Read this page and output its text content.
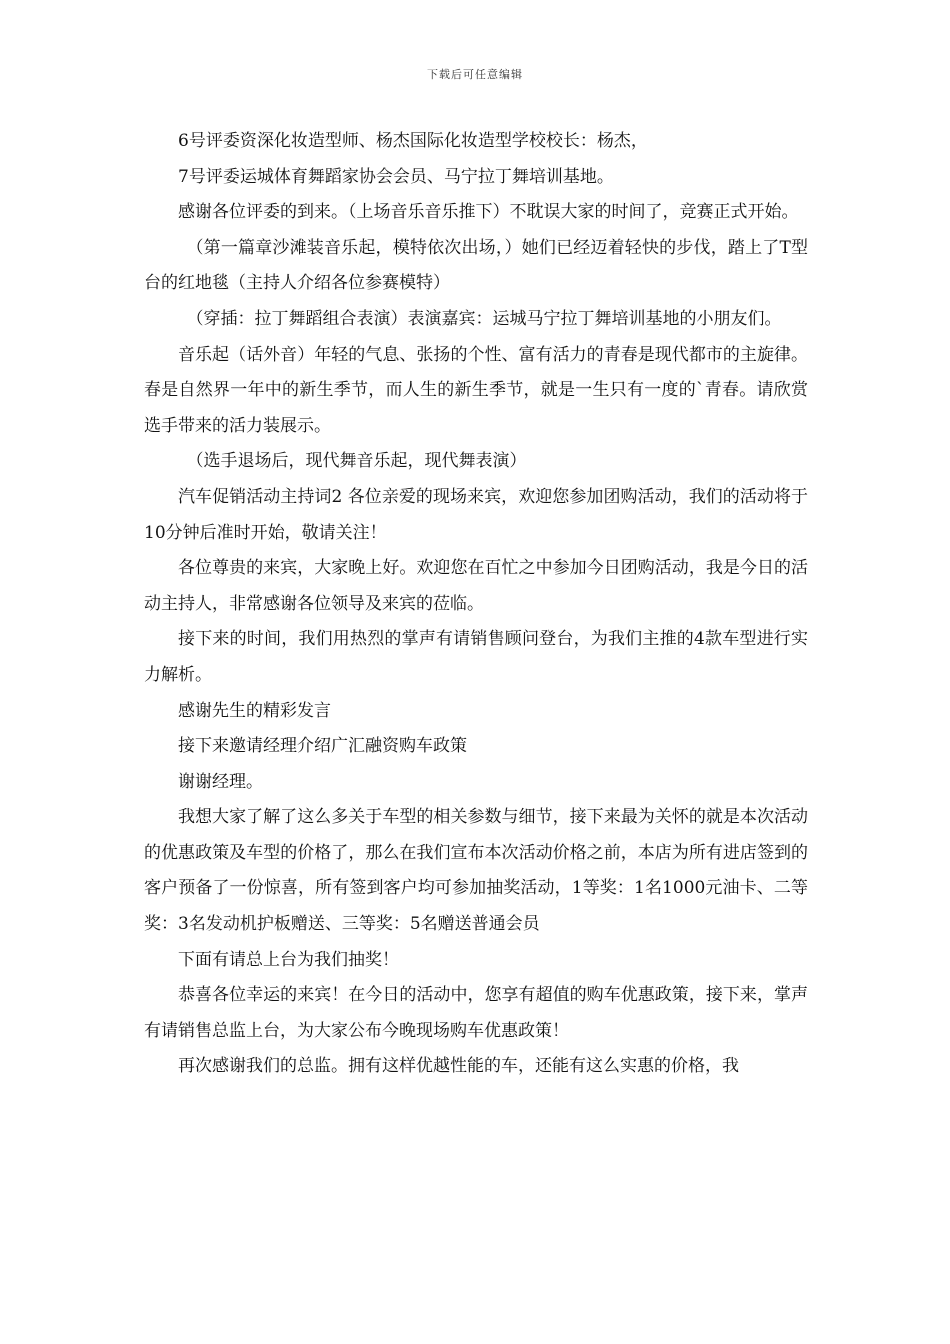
下载后可任意编辑

6号评委资深化妆造型师、杨杰国际化妆造型学校校长：杨杰，

7号评委运城体育舞蹈家协会会员、马宁拉丁舞培训基地。

感谢各位评委的到来。（上场音乐音乐推下）不耽误大家的时间了，竞赛正式开始。

（第一篇章沙滩装音乐起，模特依次出场，）她们已经迈着轻快的步伐，踏上了T型台的红地毯（主持人介绍各位参赛模特）

（穿插：拉丁舞蹈组合表演）表演嘉宾：运城马宁拉丁舞培训基地的小朋友们。

音乐起（话外音）年轻的气息、张扬的个性、富有活力的青春是现代都市的主旋律。春是自然界一年中的新生季节，而人生的新生季节，就是一生只有一度的`青春。请欣赏选手带来的活力装展示。

（选手退场后，现代舞音乐起，现代舞表演）

汽车促销活动主持词2 各位亲爱的现场来宾，欢迎您参加团购活动，我们的活动将于10分钟后准时开始，敬请关注！

各位尊贵的来宾，大家晚上好。欢迎您在百忙之中参加今日团购活动，我是今日的活动主持人，非常感谢各位领导及来宾的莅临。

接下来的时间，我们用热烈的掌声有请销售顾问登台，为我们主推的4款车型进行实力解析。

感谢先生的精彩发言

接下来邀请经理介绍广汇融资购车政策

谢谢经理。

我想大家了解了这么多关于车型的相关参数与细节，接下来最为关怀的就是本次活动的优惠政策及车型的价格了，那么在我们宣布本次活动价格之前，本店为所有进店签到的客户预备了一份惊喜，所有签到客户均可参加抽奖活动，1等奖：1名1000元油卡、二等奖：3名发动机护板赠送、三等奖：5名赠送普通会员

下面有请总上台为我们抽奖！

恭喜各位幸运的来宾！在今日的活动中，您享有超值的购车优惠政策，接下来，掌声有请销售总监上台，为大家公布今晚现场购车优惠政策！

再次感谢我们的总监。拥有这样优越性能的车，还能有这么实惠的价格，我
